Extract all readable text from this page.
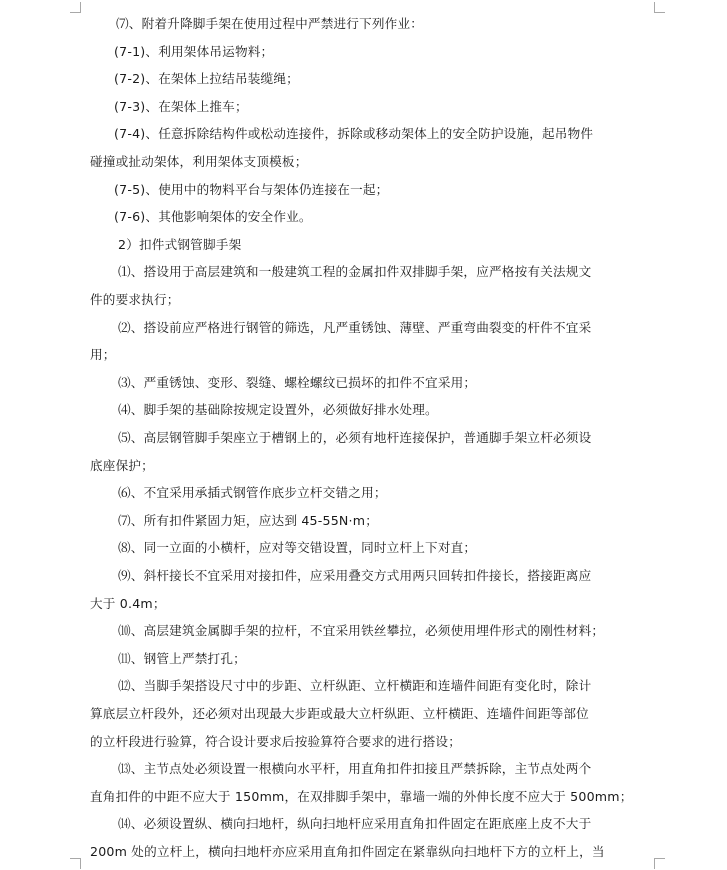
⑺、附着升降脚手架在使用过程中严禁进行下列作业：
(7-1)、利用架体吊运物料；
(7-2)、在架体上拉结吊装缆绳；
(7-3)、在架体上推车；
(7-4)、任意拆除结构件或松动连接件，拆除或移动架体上的安全防护设施，起吊物件
碰撞或扯动架体，利用架体支顶模板；
(7-5)、使用中的物料平台与架体仍连接在一起；
(7-6)、其他影响架体的安全作业。
2）扣件式钢管脚手架
⑴、搭设用于高层建筑和一般建筑工程的金属扣件双排脚手架，应严格按有关法规文
件的要求执行；
⑵、搭设前应严格进行钢管的筛选，凡严重锈蚀、薄壁、严重弯曲裂变的杆件不宜采
用；
⑶、严重锈蚀、变形、裂缝、螺栓螺纹已损坏的扣件不宜采用；
⑷、脚手架的基础除按规定设置外，必须做好排水处理。
⑸、高层钢管脚手架座立于槽钢上的，必须有地杆连接保护，普通脚手架立杆必须设
底座保护；
⑹、不宜采用承插式钢管作底步立杆交错之用；
⑺、所有扣件紧固力矩，应达到 45-55N·m；
⑻、同一立面的小横杆，应对等交错设置，同时立杆上下对直；
⑼、斜杆接长不宜采用对接扣件，应采用叠交方式用两只回转扣件接长，搭接距离应
大于 0.4m；
⑽、高层建筑金属脚手架的拉杆，不宜采用铁丝攀拉，必须使用埋件形式的刚性材料；
⑾、钢管上严禁打孔；
⑿、当脚手架搭设尺寸中的步距、立杆纵距、立杆横距和连墙件间距有变化时，除计
算底层立杆段外，还必须对出现最大步距或最大立杆纵距、立杆横距、连墙件间距等部位
的立杆段进行验算，符合设计要求后按验算符合要求的进行搭设；
⒀、主节点处必须设置一根横向水平杆，用直角扣件扣接且严禁拆除，主节点处两个
直角扣件的中距不应大于 150mm，在双排脚手架中，靠墙一端的外伸长度不应大于 500mm；
⒁、必须设置纵、横向扫地杆，纵向扫地杆应采用直角扣件固定在距底座上皮不大于
200m 处的立杆上，横向扫地杆亦应采用直角扣件固定在紧靠纵向扫地杆下方的立杆上，当
